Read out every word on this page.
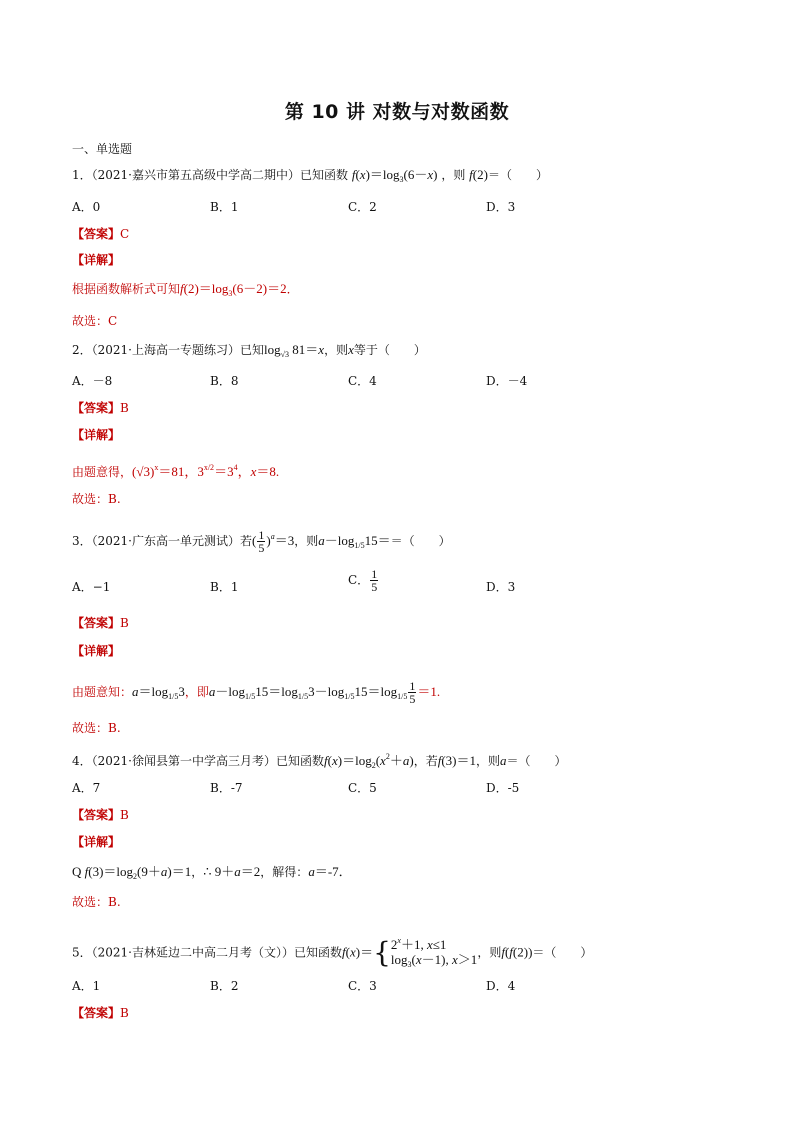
第 10 讲 对数与对数函数
一、单选题
1．（2021·嘉兴市第五高级中学高二期中）已知函数 $f(x)=\log_3(6-x)$ ，则 f(2)＝（　　）
A．0	B．1	C．2	D．3
【答案】C
【详解】
根据函数解析式可知$f(2)=\log_3(6-2)=2$．
故选：C
2．（2021·上海高一专题练习）已知$\log_{√3} 81=x$，则x等于（　　）
A．－8	B．8	C．4	D．－4
【答案】B
【详解】
由题意得，$(√3)^x=81$，$3^{x/2}=3^4$，x＝8.
故选：B.
3．（2021·广东高一单元测试）若( $\frac{1}{5} )^a=3$，则$a-\log_{1/5}15==$（　　）
A．−1	B．1	C． $\frac{1}{5}$	D．3
【答案】B
【详解】
由题意知：$a=\log_{1/5}3$，即$a-\log_{1/5}15=\log_{1/5}3-\log_{1/5}15=\log_{1/5} \frac{1}{5} =1$.
故选：B.
4．（2021·徐闻县第一中学高三月考）已知函数$f(x)=\log_2(x^2+a)$，若f(3)＝1，则a＝（　　）
A．7	B．-7	C．5	D．-5
【答案】B
【详解】
Q $f(3)=\log_2(9+a)=1$，∴ 9＋a＝2，解得：a＝-7．
故选：B.
5．（2021·吉林延边二中高二月考（文））已知函数$f(x)=\{2^x+1$, x≤1
$\log_3(x-1)$, x＞1，则f(f(2))＝（　　）
A．1	B．2	C．3	D．4
【答案】B
